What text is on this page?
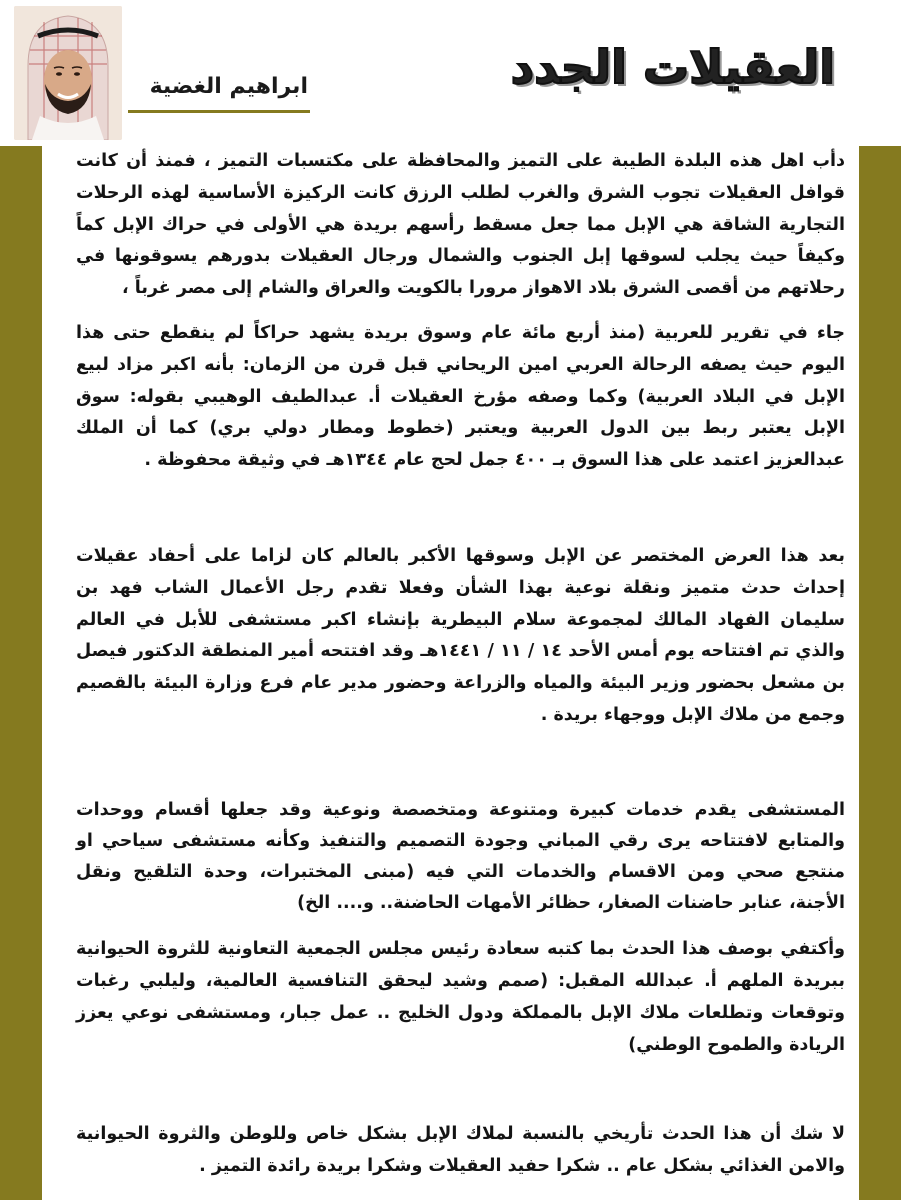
ابراهيم الغضية	العقيلات الجدد

دأب اهل هذه البلدة الطيبة على التميز والمحافظة على مكتسبات التميز ، فمنذ أن كانت قوافل العقيلات تجوب الشرق والغرب لطلب الرزق كانت الركيزة الأساسية لهذه الرحلات التجارية الشاقة هي الإبل مما جعل مسقط رأسهم بريدة هي الأولى في حراك الإبل كماً وكيفاً حيث يجلب لسوقها إبل الجنوب والشمال ورجال العقيلات بدورهم يسوقونها في رحلاتهم من أقصى الشرق بلاد الاهواز مرورا بالكويت والعراق والشام إلى مصر غرباً ،

جاء في تقرير للعربية (منذ أربع مائة عام وسوق بريدة يشهد حراكاً لم ينقطع حتى هذا اليوم حيث يصفه الرحالة العربي امين الريحاني قبل قرن من الزمان: بأنه اكبر مزاد لبيع الإبل في البلاد العربية) وكما وصفه مؤرخ العقيلات أ. عبدالطيف الوهيبي بقوله: سوق الإبل يعتبر ربط بين الدول العربية ويعتبر (خطوط ومطار دولي بري) كما أن الملك عبدالعزيز اعتمد على هذا السوق بـ ٤٠٠ جمل لحج عام ١٣٤٤هـ في وثيقة محفوظة .

بعد هذا العرض المختصر عن الإبل وسوقها الأكبر بالعالم كان لزاما على أحفاد عقيلات إحداث حدث متميز ونقلة نوعية بهذا الشأن وفعلا تقدم رجل الأعمال الشاب فهد بن سليمان الفهاد المالك لمجموعة سلام البيطرية بإنشاء اكبر مستشفى للأبل في العالم والذي تم افتتاحه يوم أمس الأحد ١٤ / ١١ / ١٤٤١هـ وقد افتتحه أمير المنطقة الدكتور فيصل بن مشعل بحضور وزير البيئة والمياه والزراعة وحضور مدير عام فرع وزارة البيئة بالقصيم وجمع من ملاك الإبل ووجهاء بريدة .

المستشفى يقدم خدمات كبيرة ومتنوعة ومتخصصة ونوعية وقد جعلها أقسام ووحدات والمتابع لافتتاحه يرى رقي المباني وجودة التصميم والتنفيذ وكأنه مستشفى سياحي او منتجع صحي ومن الاقسام والخدمات التي فيه (مبنى المختبرات، وحدة التلقيح ونقل الأجنة، عنابر حاضنات الصغار، حظائر الأمهات الحاضنة.. و.... الخ)

وأكتفي بوصف هذا الحدث بما كتبه سعادة رئيس مجلس الجمعية التعاونية للثروة الحيوانية ببريدة الملهم أ. عبدالله المقبل: (صمم وشيد ليحقق التنافسية العالمية، وليلبي رغبات وتوقعات وتطلعات ملاك الإبل بالمملكة ودول الخليج .. عمل جبار، ومستشفى نوعي يعزز الريادة والطموح الوطني)

لا شك أن هذا الحدث تأريخي بالنسبة لملاك الإبل بشكل خاص وللوطن والثروة الحيوانية والامن الغذائي بشكل عام .. شكرا حفيد العقيلات وشكرا بريدة رائدة التميز .
